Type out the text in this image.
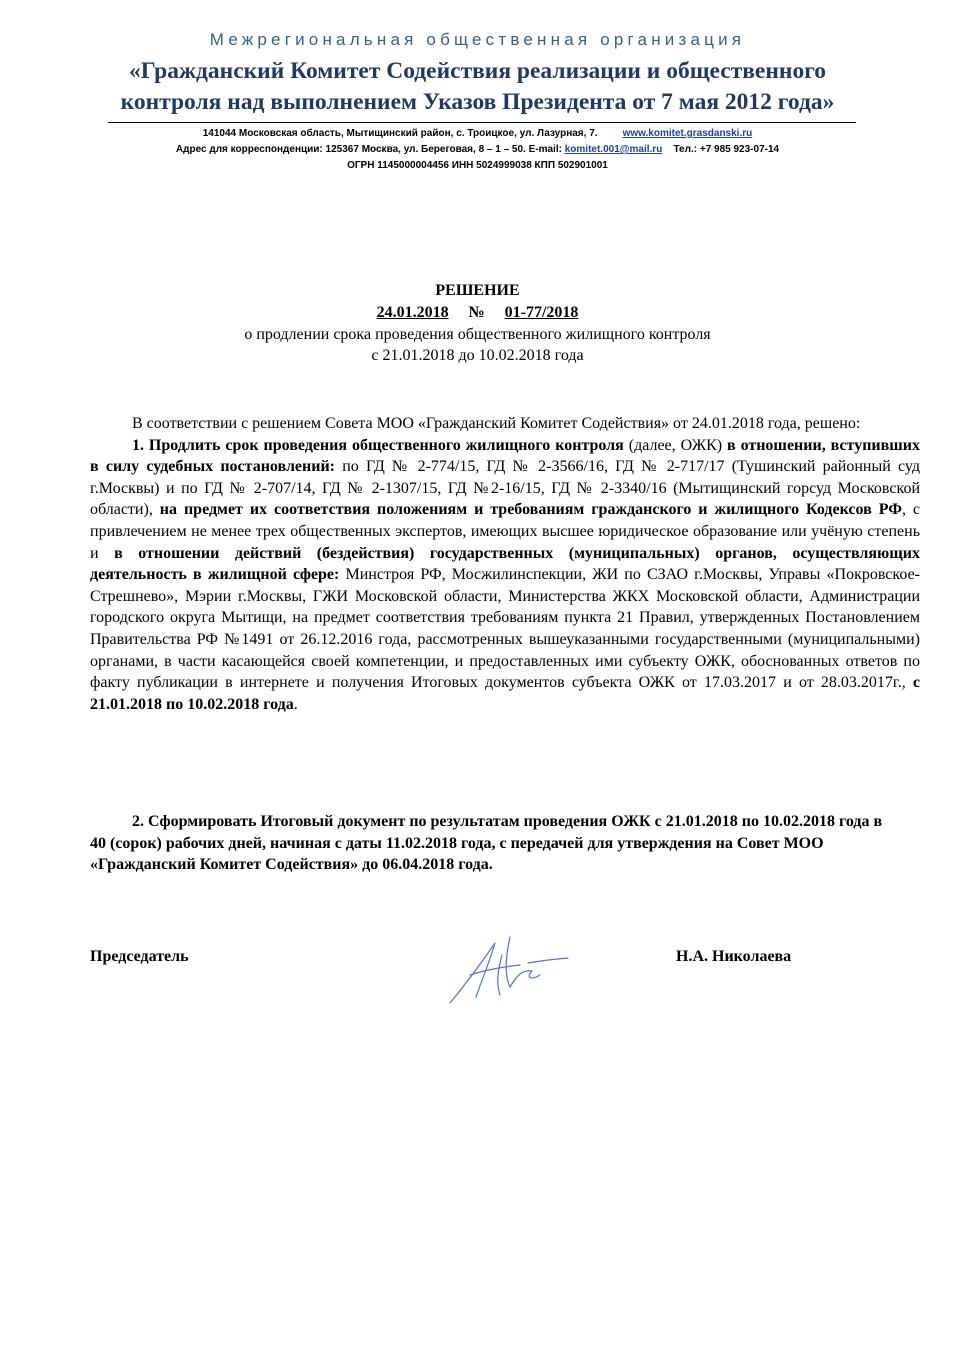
Межрегиональная общественная организация
«Гражданский Комитет Содействия реализации и общественного
контроля над выполнением Указов Президента от 7 мая 2012 года»
141044 Московская область, Мытищинский район, с. Троицкое, ул. Лазурная, 7.	www.komitet.grasdanski.ru
Адрес для корреспонденции: 125367 Москва, ул. Береговая, 8 – 1 – 50. E-mail: komitet.001@mail.ru Тел.: +7 985 923-07-14
ОГРН 1145000004456 ИНН 5024999038 КПП 502901001
РЕШЕНИЕ
24.01.2018 № 01-77/2018
о продлении срока проведения общественного жилищного контроля
с 21.01.2018 до 10.02.2018 года

В соответствии с решением Совета МОО «Гражданский Комитет Содействия» от 24.01.2018 года, решено:

1. Продлить срок проведения общественного жилищного контроля (далее, ОЖК) в отношении, вступивших в силу судебных постановлений: по ГД № 2-774/15, ГД № 2-3566/16, ГД № 2-717/17 (Тушинский районный суд г.Москвы) и по ГД № 2-707/14, ГД № 2-1307/15, ГД №2-16/15, ГД № 2-3340/16 (Мытищинский горсуд Московской области), на предмет их соответствия положениям и требованиям гражданского и жилищного Кодексов РФ, с привлечением не менее трех общественных экспертов, имеющих высшее юридическое образование или учёную степень и в отношении действий (бездействия) государственных (муниципальных) органов, осуществляющих деятельность в жилищной сфере: Минстроя РФ, Мосжилинспекции, ЖИ по СЗАО г.Москвы, Управы «Покровское-Стрешнево», Мэрии г.Москвы, ГЖИ Московской области, Министерства ЖКХ Московской области, Администрации городского округа Мытищи, на предмет соответствия требованиям пункта 21 Правил, утвержденных Постановлением Правительства РФ №1491 от 26.12.2016 года, рассмотренных вышеуказанными государственными (муниципальными) органами, в части касающейся своей компетенции, и предоставленных ими субъекту ОЖК, обоснованных ответов по факту публикации в интернете и получения Итоговых документов субъекта ОЖК от 17.03.2017 и от 28.03.2017г., с 21.01.2018 по 10.02.2018 года.

2. Сформировать Итоговый документ по результатам проведения ОЖК с 21.01.2018 по 10.02.2018 года в 40 (сорок) рабочих дней, начиная с даты 11.02.2018 года, с передачей для утверждения на Совет МОО «Гражданский Комитет Содействия» до 06.04.2018 года.
Председатель	Н.А. Николаева
